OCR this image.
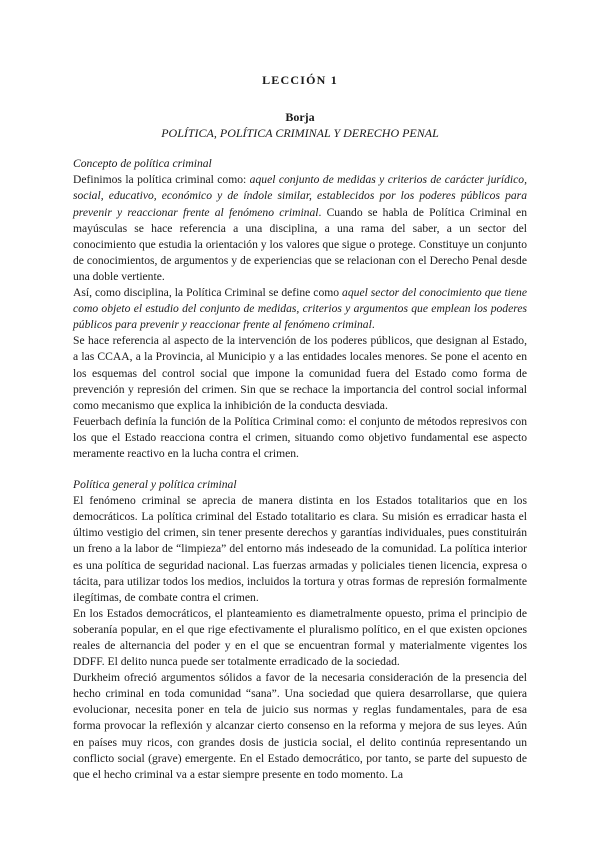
LECCIÓN 1
Borja
POLÍTICA, POLÍTICA CRIMINAL Y DERECHO PENAL
Concepto de política criminal

Definimos la política criminal como: aquel conjunto de medidas y criterios de carácter jurídico, social, educativo, económico y de índole similar, establecidos por los poderes públicos para prevenir y reaccionar frente al fenómeno criminal. Cuando se habla de Política Criminal en mayúsculas se hace referencia a una disciplina, a una rama del saber, a un sector del conocimiento que estudia la orientación y los valores que sigue o protege. Constituye un conjunto de conocimientos, de argumentos y de experiencias que se relacionan con el Derecho Penal desde una doble vertiente.

Así, como disciplina, la Política Criminal se define como aquel sector del conocimiento que tiene como objeto el estudio del conjunto de medidas, criterios y argumentos que emplean los poderes públicos para prevenir y reaccionar frente al fenómeno criminal.

Se hace referencia al aspecto de la intervención de los poderes públicos, que designan al Estado, a las CCAA, a la Provincia, al Municipio y a las entidades locales menores. Se pone el acento en los esquemas del control social que impone la comunidad fuera del Estado como forma de prevención y represión del crimen. Sin que se rechace la importancia del control social informal como mecanismo que explica la inhibición de la conducta desviada.

Feuerbach definía la función de la Política Criminal como: el conjunto de métodos represivos con los que el Estado reacciona contra el crimen, situando como objetivo fundamental ese aspecto meramente reactivo en la lucha contra el crimen.

Política general y política criminal

El fenómeno criminal se aprecia de manera distinta en los Estados totalitarios que en los democráticos. La política criminal del Estado totalitario es clara. Su misión es erradicar hasta el último vestigio del crimen, sin tener presente derechos y garantías individuales, pues constituirán un freno a la labor de “limpieza” del entorno más indeseado de la comunidad. La política interior es una política de seguridad nacional. Las fuerzas armadas y policiales tienen licencia, expresa o tácita, para utilizar todos los medios, incluidos la tortura y otras formas de represión formalmente ilegítimas, de combate contra el crimen.

En los Estados democráticos, el planteamiento es diametralmente opuesto, prima el principio de soberanía popular, en el que rige efectivamente el pluralismo político, en el que existen opciones reales de alternancia del poder y en el que se encuentran formal y materialmente vigentes los DDFF. El delito nunca puede ser totalmente erradicado de la sociedad.

Durkheim ofreció argumentos sólidos a favor de la necesaria consideración de la presencia del hecho criminal en toda comunidad “sana”. Una sociedad que quiera desarrollarse, que quiera evolucionar, necesita poner en tela de juicio sus normas y reglas fundamentales, para de esa forma provocar la reflexión y alcanzar cierto consenso en la reforma y mejora de sus leyes. Aún en países muy ricos, con grandes dosis de justicia social, el delito continúa representando un conflicto social (grave) emergente. En el Estado democrático, por tanto, se parte del supuesto de que el hecho criminal va a estar siempre presente en todo momento. La
